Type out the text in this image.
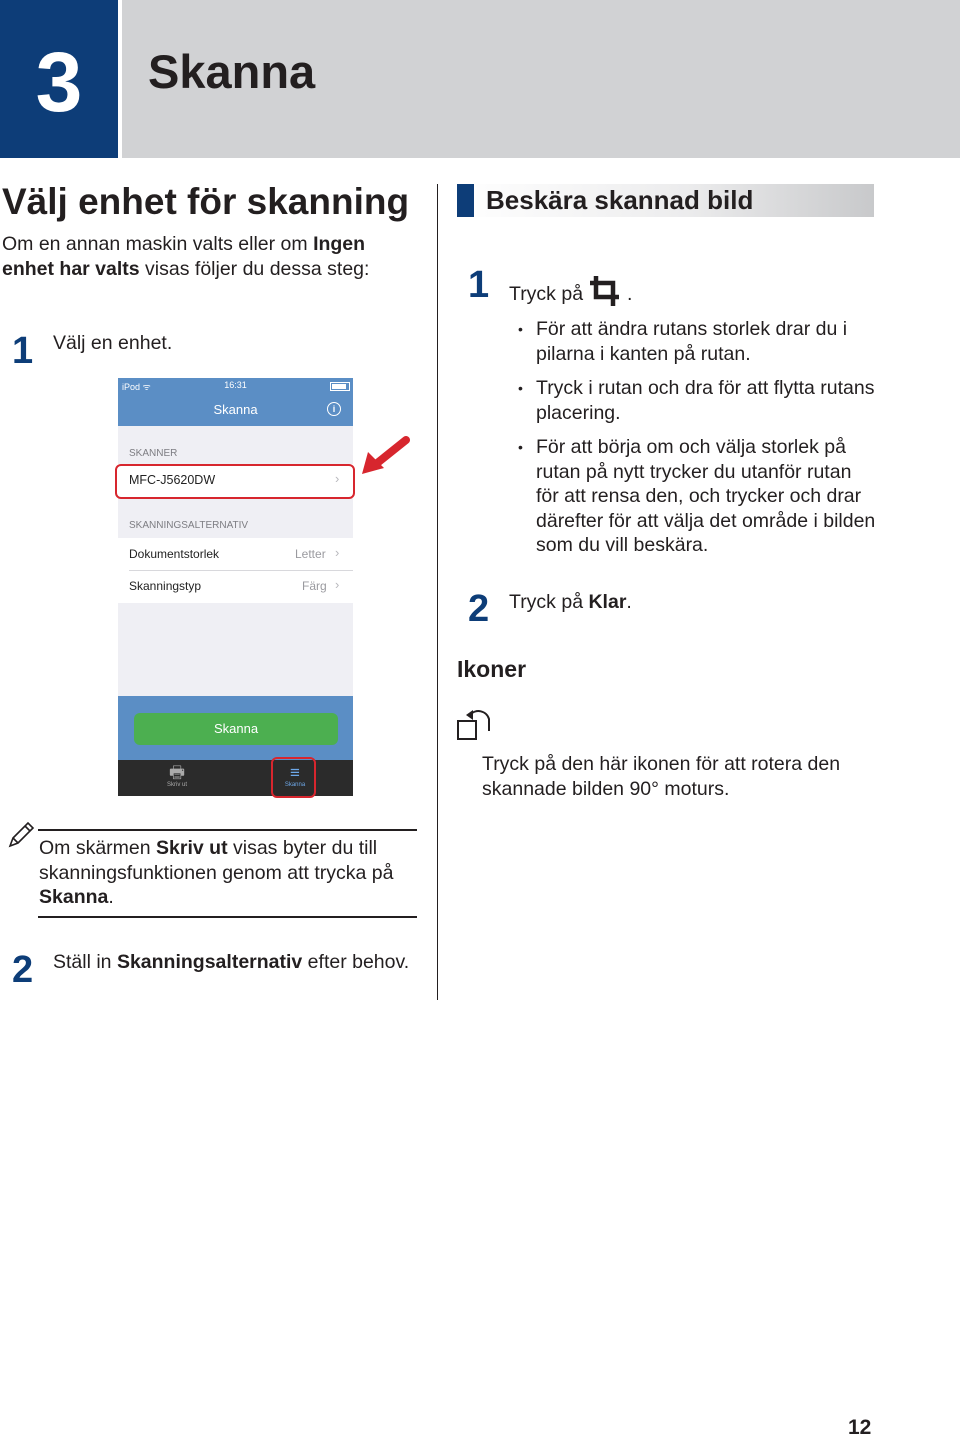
3	Skanna
Välj enhet för skanning
Om en annan maskin valts eller om Ingen enhet har valts visas följer du dessa steg:
1 Välj en enhet.
iPod ᯤ	16:31
Skanna	i
SKANNER
MFC-J5620DW	›
SKANNINGSALTERNATIV
Dokumentstorlek	Letter ›
Skanningstyp	Färg ›
Skanna
🖶
Skriv ut
≡
Skanna
Om skärmen Skriv ut visas byter du till skanningsfunktionen genom att trycka på Skanna.
2 Ställ in Skanningsalternativ efter behov.
Beskära skannad bild
1 Tryck på .
• För att ändra rutans storlek drar du i pilarna i kanten på rutan.
• Tryck i rutan och dra för att flytta rutans placering.
• För att börja om och välja storlek på rutan på nytt trycker du utanför rutan för att rensa den, och trycker och drar därefter för att välja det område i bilden som du vill beskära.
2 Tryck på Klar.
Ikoner
Tryck på den här ikonen för att rotera den skannade bilden 90° moturs.
12
